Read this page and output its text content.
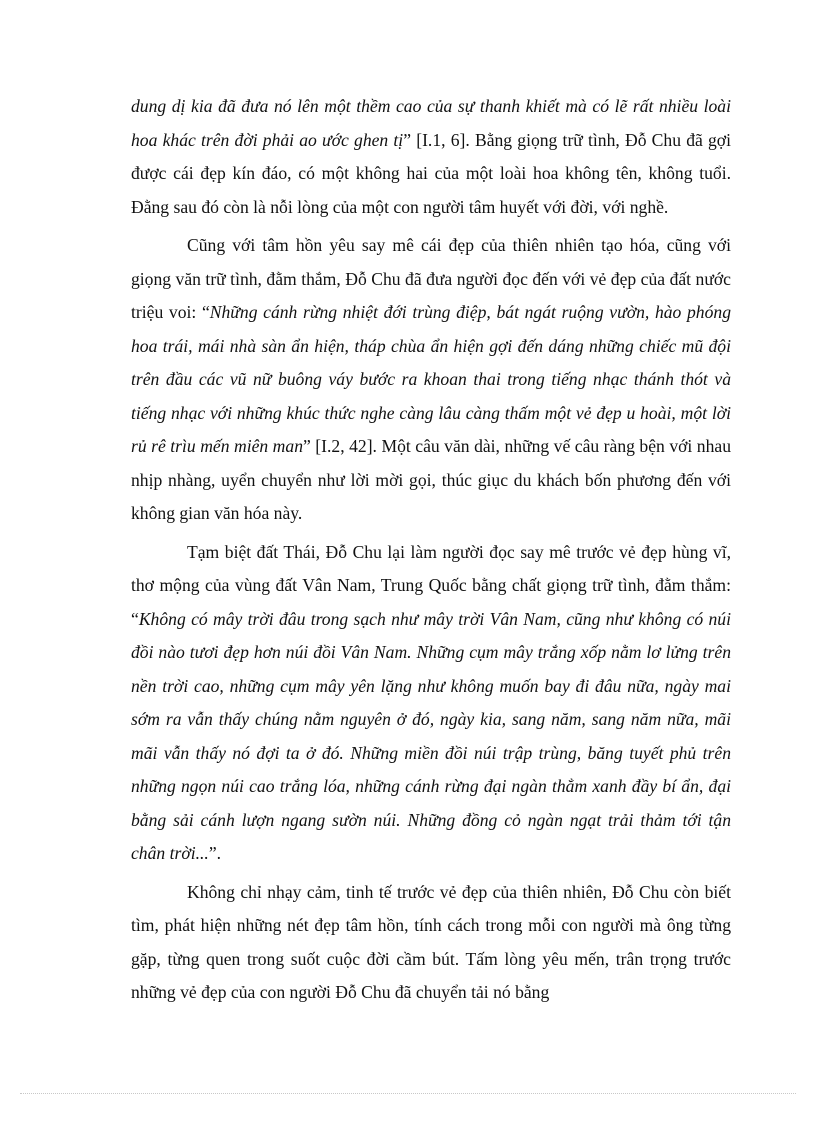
dung dị kia đã đưa nó lên một thềm cao của sự thanh khiết mà có lẽ rất nhiều loài hoa khác trên đời phải ao ước ghen tị” [I.1, 6]. Bằng giọng trữ tình, Đỗ Chu đã gợi được cái đẹp kín đáo, có một không hai của một loài hoa không tên, không tuổi. Đằng sau đó còn là nỗi lòng của một con người tâm huyết với đời, với nghề.

Cũng với tâm hồn yêu say mê cái đẹp của thiên nhiên tạo hóa, cũng với giọng văn trữ tình, đằm thắm, Đỗ Chu đã đưa người đọc đến với vẻ đẹp của đất nước triệu voi: “Những cánh rừng nhiệt đới trùng điệp, bát ngát ruộng vườn, hào phóng hoa trái, mái nhà sàn ẩn hiện, tháp chùa ẩn hiện gợi đến dáng những chiếc mũ đội trên đầu các vũ nữ buông váy bước ra khoan thai trong tiếng nhạc thánh thót và tiếng nhạc với những khúc thức nghe càng lâu càng thấm một vẻ đẹp u hoài, một lời rủ rê trìu mến miên man” [I.2, 42]. Một câu văn dài, những vế câu ràng bện với nhau nhịp nhàng, uyển chuyển như lời mời gọi, thúc giục du khách bốn phương đến với không gian văn hóa này.

Tạm biệt đất Thái, Đỗ Chu lại làm người đọc say mê trước vẻ đẹp hùng vĩ, thơ mộng của vùng đất Vân Nam, Trung Quốc bằng chất giọng trữ tình, đằm thắm: “Không có mây trời đâu trong sạch như mây trời Vân Nam, cũng như không có núi đồi nào tươi đẹp hơn núi đồi Vân Nam. Những cụm mây trắng xốp nằm lơ lửng trên nền trời cao, những cụm mây yên lặng như không muốn bay đi đâu nữa, ngày mai sớm ra vẫn thấy chúng nằm nguyên ở đó, ngày kia, sang năm, sang năm nữa, mãi mãi vẫn thấy nó đợi ta ở đó. Những miền đồi núi trập trùng, băng tuyết phủ trên những ngọn núi cao trắng lóa, những cánh rừng đại ngàn thẳm xanh đầy bí ẩn, đại bằng sải cánh lượn ngang sườn núi. Những đồng cỏ ngàn ngạt trải thảm tới tận chân trời...”.

Không chỉ nhạy cảm, tinh tế trước vẻ đẹp của thiên nhiên, Đỗ Chu còn biết tìm, phát hiện những nét đẹp tâm hồn, tính cách trong mỗi con người mà ông từng gặp, từng quen trong suốt cuộc đời cầm bút. Tấm lòng yêu mến, trân trọng trước những vẻ đẹp của con người Đỗ Chu đã chuyển tải nó bằng
